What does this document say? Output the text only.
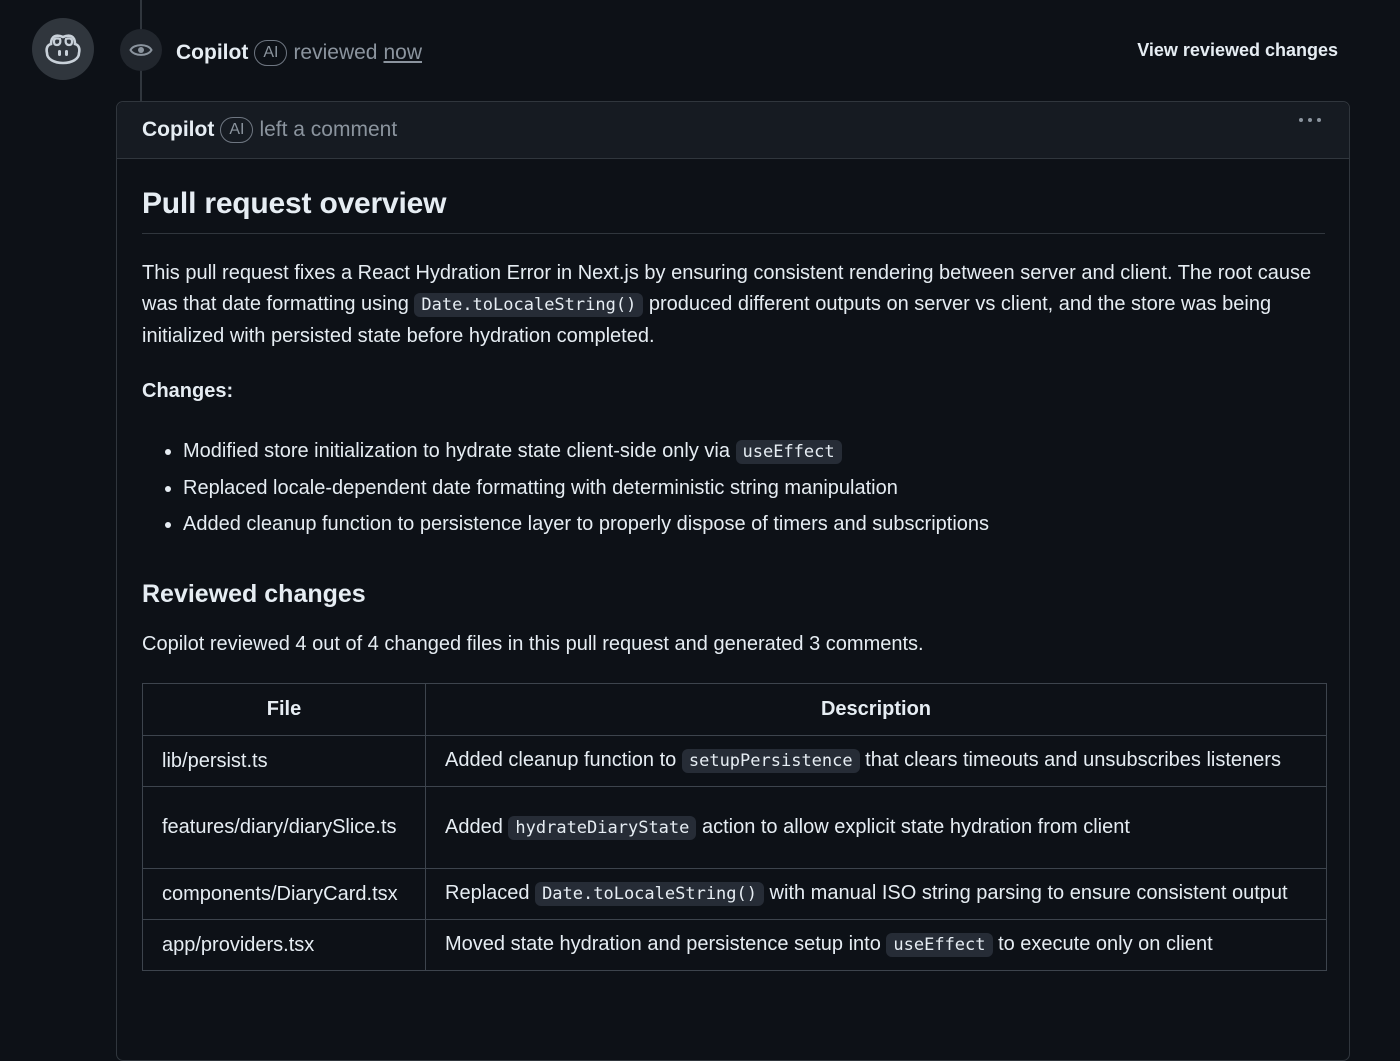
Copilot AI reviewed now	View reviewed changes
Copilot AI left a comment
Pull request overview

This pull request fixes a React Hydration Error in Next.js by ensuring consistent rendering between server and client. The root cause was that date formatting using Date.toLocaleString() produced different outputs on server vs client, and the store was being initialized with persisted state before hydration completed.

Changes:

• Modified store initialization to hydrate state client-side only via useEffect
• Replaced locale-dependent date formatting with deterministic string manipulation
• Added cleanup function to persistence layer to properly dispose of timers and subscriptions
Reviewed changes

Copilot reviewed 4 out of 4 changed files in this pull request and generated 3 comments.

File	Description
lib/persist.ts	Added cleanup function to setupPersistence that clears timeouts and unsubscribes listeners
features/diary/diarySlice.ts	Added hydrateDiaryState action to allow explicit state hydration from client
components/DiaryCard.tsx	Replaced Date.toLocaleString() with manual ISO string parsing to ensure consistent output
app/providers.tsx	Moved state hydration and persistence setup into useEffect to execute only on client
